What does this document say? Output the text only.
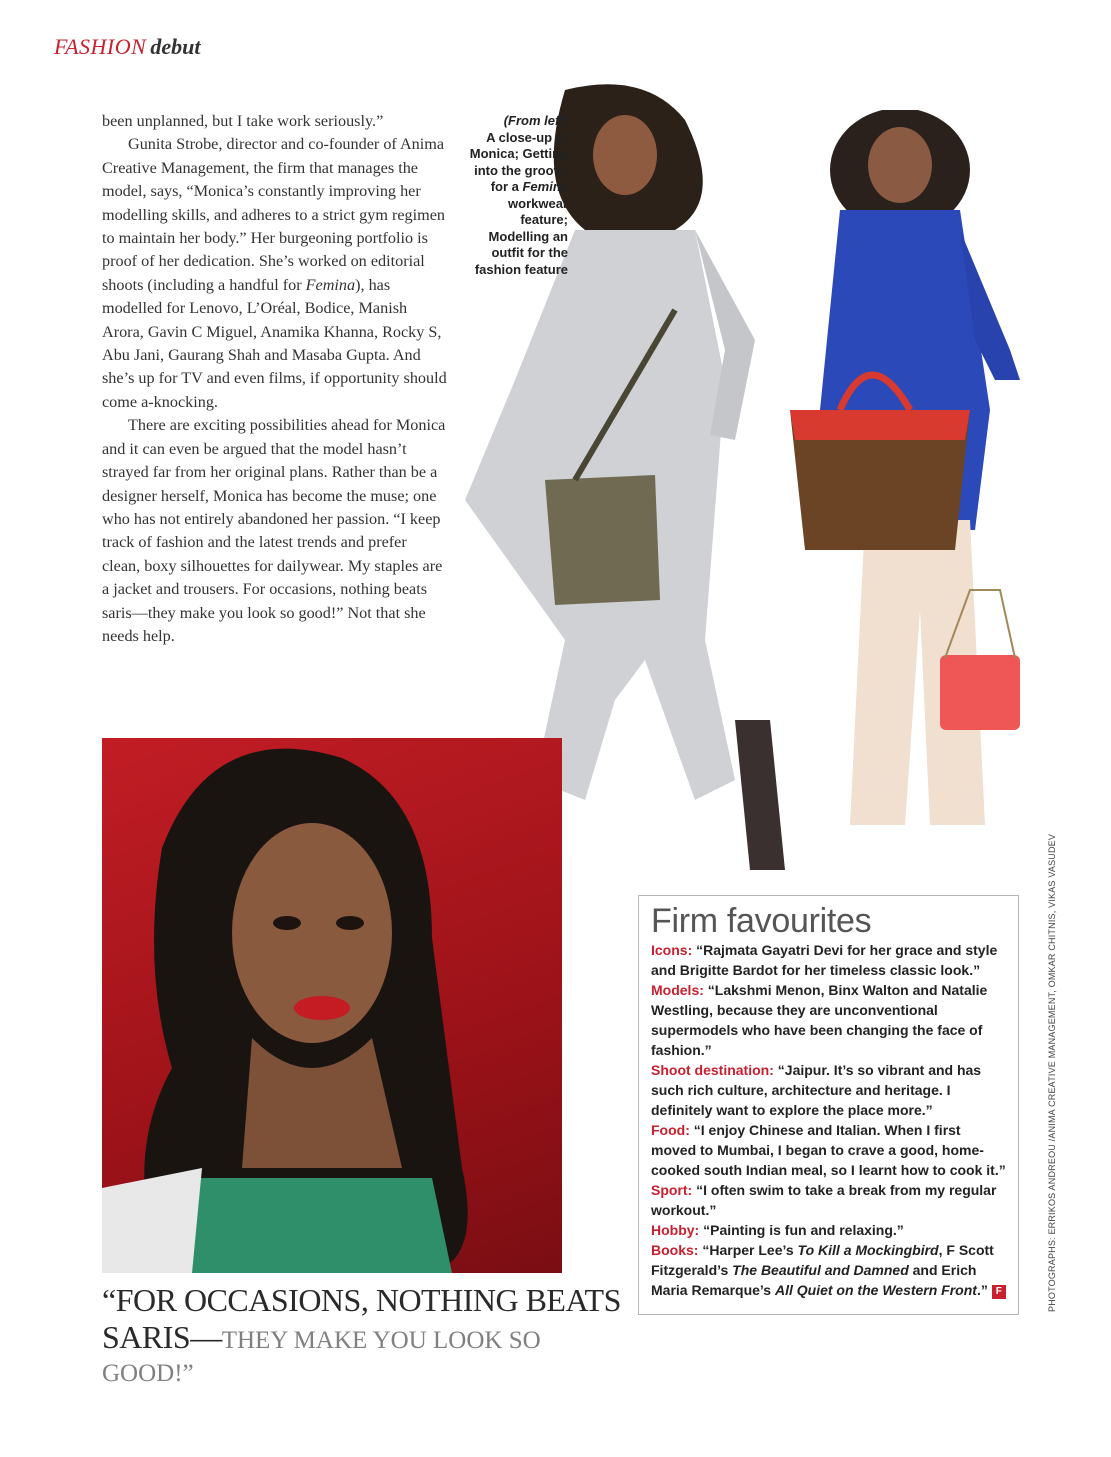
FASHION debut

been unplanned, but I take work seriously.”

Gunita Strobe, director and co-founder of Anima Creative Management, the firm that manages the model, says, “Monica’s constantly improving her modelling skills, and adheres to a strict gym regimen to maintain her body.” Her burgeoning portfolio is proof of her dedication. She’s worked on editorial shoots (including a handful for Femina), has modelled for Lenovo, L’Oréal, Bodice, Manish Arora, Gavin C Miguel, Anamika Khanna, Rocky S, Abu Jani, Gaurang Shah and Masaba Gupta. And she’s up for TV and even films, if opportunity should come a-knocking.

There are exciting possibilities ahead for Monica and it can even be argued that the model hasn’t strayed far from her original plans. Rather than be a designer herself, Monica has become the muse; one who has not entirely abandoned her passion. “I keep track of fashion and the latest trends and prefer clean, boxy silhouettes for dailywear. My staples are a jacket and trousers. For occasions, nothing beats saris—they make you look so good!” Not that she needs help.

(From left)
A close-up of Monica; Getting into the groove for a Femina workwear feature; Modelling an outfit for the fashion feature
“FOR OCCASIONS, NOTHING BEATS SARIS—THEY MAKE YOU LOOK SO GOOD!”
Firm favourites

Icons: “Rajmata Gayatri Devi for her grace and style and Brigitte Bardot for her timeless classic look.”

Models: “Lakshmi Menon, Binx Walton and Natalie Westling, because they are unconventional supermodels who have been changing the face of fashion.”

Shoot destination: “Jaipur. It’s so vibrant and has such rich culture, architecture and heritage. I definitely want to explore the place more.”

Food: “I enjoy Chinese and Italian. When I first moved to Mumbai, I began to crave a good, home-cooked south Indian meal, so I learnt how to cook it.”

Sport: “I often swim to take a break from my regular workout.”

Hobby: “Painting is fun and relaxing.”

Books: “Harper Lee’s To Kill a Mockingbird, F Scott Fitzgerald’s The Beautiful and Damned and Erich Maria Remarque’s All Quiet on the Western Front.” F	PHOTOGRAPHS: ERRIKOS ANDREOU /ANIMA CREATIVE MANAGEMENT, OMKAR CHITNIS, VIKAS VASUDEV
